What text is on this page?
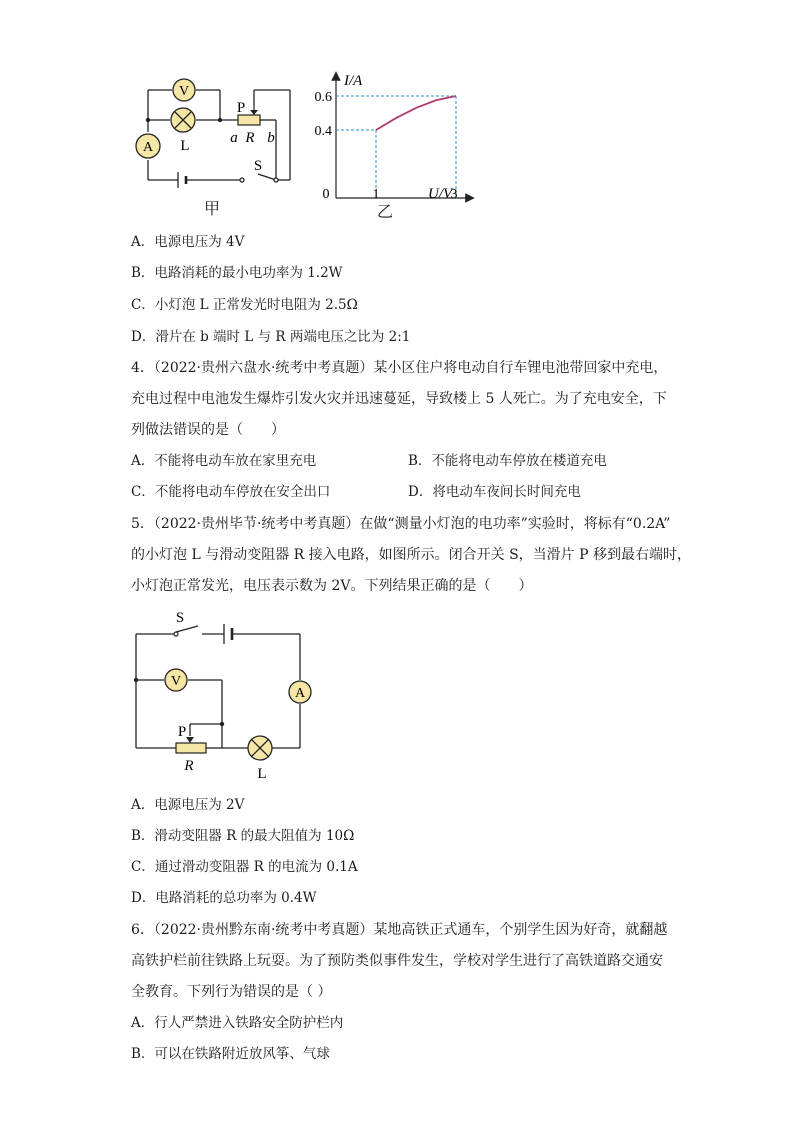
V
L
A
P
a R b
S
甲
I/A
U/V
0	1	3
0.6
0.4
乙
A．电源电压为 4V
B．电路消耗的最小电功率为 1.2W
C．小灯泡 L 正常发光时电阻为 2.5Ω
D．滑片在 b 端时 L 与 R 两端电压之比为 2:1
4．（2022·贵州六盘水·统考中考真题）某小区住户将电动自行车锂电池带回家中充电，
充电过程中电池发生爆炸引发火灾并迅速蔓延，导致楼上 5 人死亡。为了充电安全，下
列做法错误的是（　　）
A．不能将电动车放在家里充电	B．不能将电动车停放在楼道充电
C．不能将电动车停放在安全出口	D．将电动车夜间长时间充电
5．（2022·贵州毕节·统考中考真题）在做“测量小灯泡的电功率”实验时，将标有“0.2A”
的小灯泡 L 与滑动变阻器 R 接入电路，如图所示。闭合开关 S，当滑片 P 移到最右端时，
小灯泡正常发光，电压表示数为 2V。下列结果正确的是（　　）
S
V
A
P
R	L
A．电源电压为 2V
B．滑动变阻器 R 的最大阻值为 10Ω
C．通过滑动变阻器 R 的电流为 0.1A
D．电路消耗的总功率为 0.4W
6．（2022·贵州黔东南·统考中考真题）某地高铁正式通车，个别学生因为好奇，就翻越
高铁护栏前往铁路上玩耍。为了预防类似事件发生，学校对学生进行了高铁道路交通安
全教育。下列行为错误的是（ ）
A．行人严禁进入铁路安全防护栏内
B．可以在铁路附近放风筝、气球
